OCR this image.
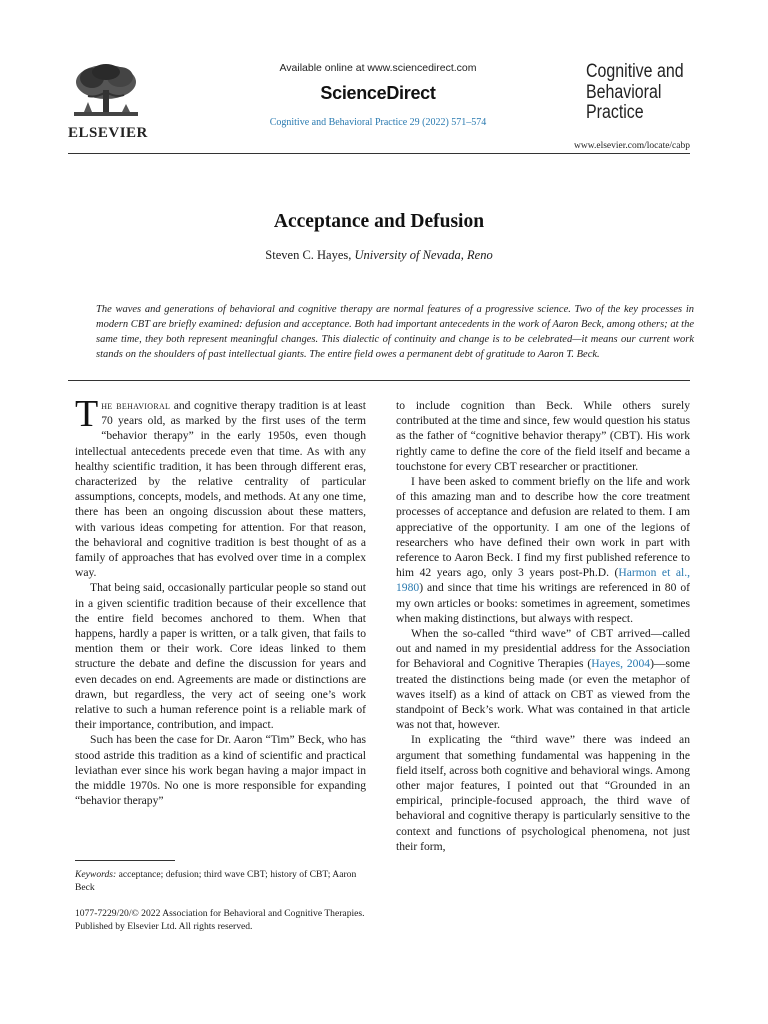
ELSEVIER
Available online at www.sciencedirect.com
ScienceDirect
Cognitive and Behavioral Practice 29 (2022) 571–574
Cognitive and
Behavioral
Practice
www.elsevier.com/locate/cabp
Acceptance and Defusion
Steven C. Hayes, University of Nevada, Reno
The waves and generations of behavioral and cognitive therapy are normal features of a progressive science. Two of the key processes in modern CBT are briefly examined: defusion and acceptance. Both had important antecedents in the work of Aaron Beck, among others; at the same time, they both represent meaningful changes. This dialectic of continuity and change is to be celebrated—it means our current work stands on the shoulders of past intellectual giants. The entire field owes a permanent debt of gratitude to Aaron T. Beck.

The behavioral and cognitive therapy tradition is at least 70 years old, as marked by the first uses of the term “behavior therapy” in the early 1950s, even though intellectual antecedents precede even that time. As with any healthy scientific tradition, it has been through different eras, characterized by the relative centrality of particular assumptions, concepts, models, and methods. At any one time, there has been an ongoing discussion about these matters, with various ideas competing for attention. For that reason, the behavioral and cognitive tradition is best thought of as a family of approaches that has evolved over time in a complex way.

That being said, occasionally particular people so stand out in a given scientific tradition because of their excellence that the entire field becomes anchored to them. When that happens, hardly a paper is written, or a talk given, that fails to mention them or their work. Core ideas linked to them structure the debate and define the discussion for years and even decades on end. Agreements are made or distinctions are drawn, but regardless, the very act of seeing one’s work relative to such a human reference point is a reliable mark of their importance, contribution, and impact.

Such has been the case for Dr. Aaron “Tim” Beck, who has stood astride this tradition as a kind of scientific and practical leviathan ever since his work began having a major impact in the middle 1970s. No one is more responsible for expanding “behavior therapy”

to include cognition than Beck. While others surely contributed at the time and since, few would question his status as the father of “cognitive behavior therapy” (CBT). His work rightly came to define the core of the field itself and became a touchstone for every CBT researcher or practitioner.

I have been asked to comment briefly on the life and work of this amazing man and to describe how the core treatment processes of acceptance and defusion are related to them. I am appreciative of the opportunity. I am one of the legions of researchers who have defined their own work in part with reference to Aaron Beck. I find my first published reference to him 42 years ago, only 3 years post-Ph.D. (Harmon et al., 1980) and since that time his writings are referenced in 80 of my own articles or books: sometimes in agreement, sometimes when making distinctions, but always with respect.

When the so-called “third wave” of CBT arrived—called out and named in my presidential address for the Association for Behavioral and Cognitive Therapies (Hayes, 2004)—some treated the distinctions being made (or even the metaphor of waves itself) as a kind of attack on CBT as viewed from the standpoint of Beck’s work. What was contained in that article was not that, however.

In explicating the “third wave” there was indeed an argument that something fundamental was happening in the field itself, across both cognitive and behavioral wings. Among other major features, I pointed out that “Grounded in an empirical, principle-focused approach, the third wave of behavioral and cognitive therapy is particularly sensitive to the context and functions of psychological phenomena, not just their form,

Keywords: acceptance; defusion; third wave CBT; history of CBT; Aaron Beck
1077-7229/20/© 2022 Association for Behavioral and Cognitive Therapies. Published by Elsevier Ltd. All rights reserved.
